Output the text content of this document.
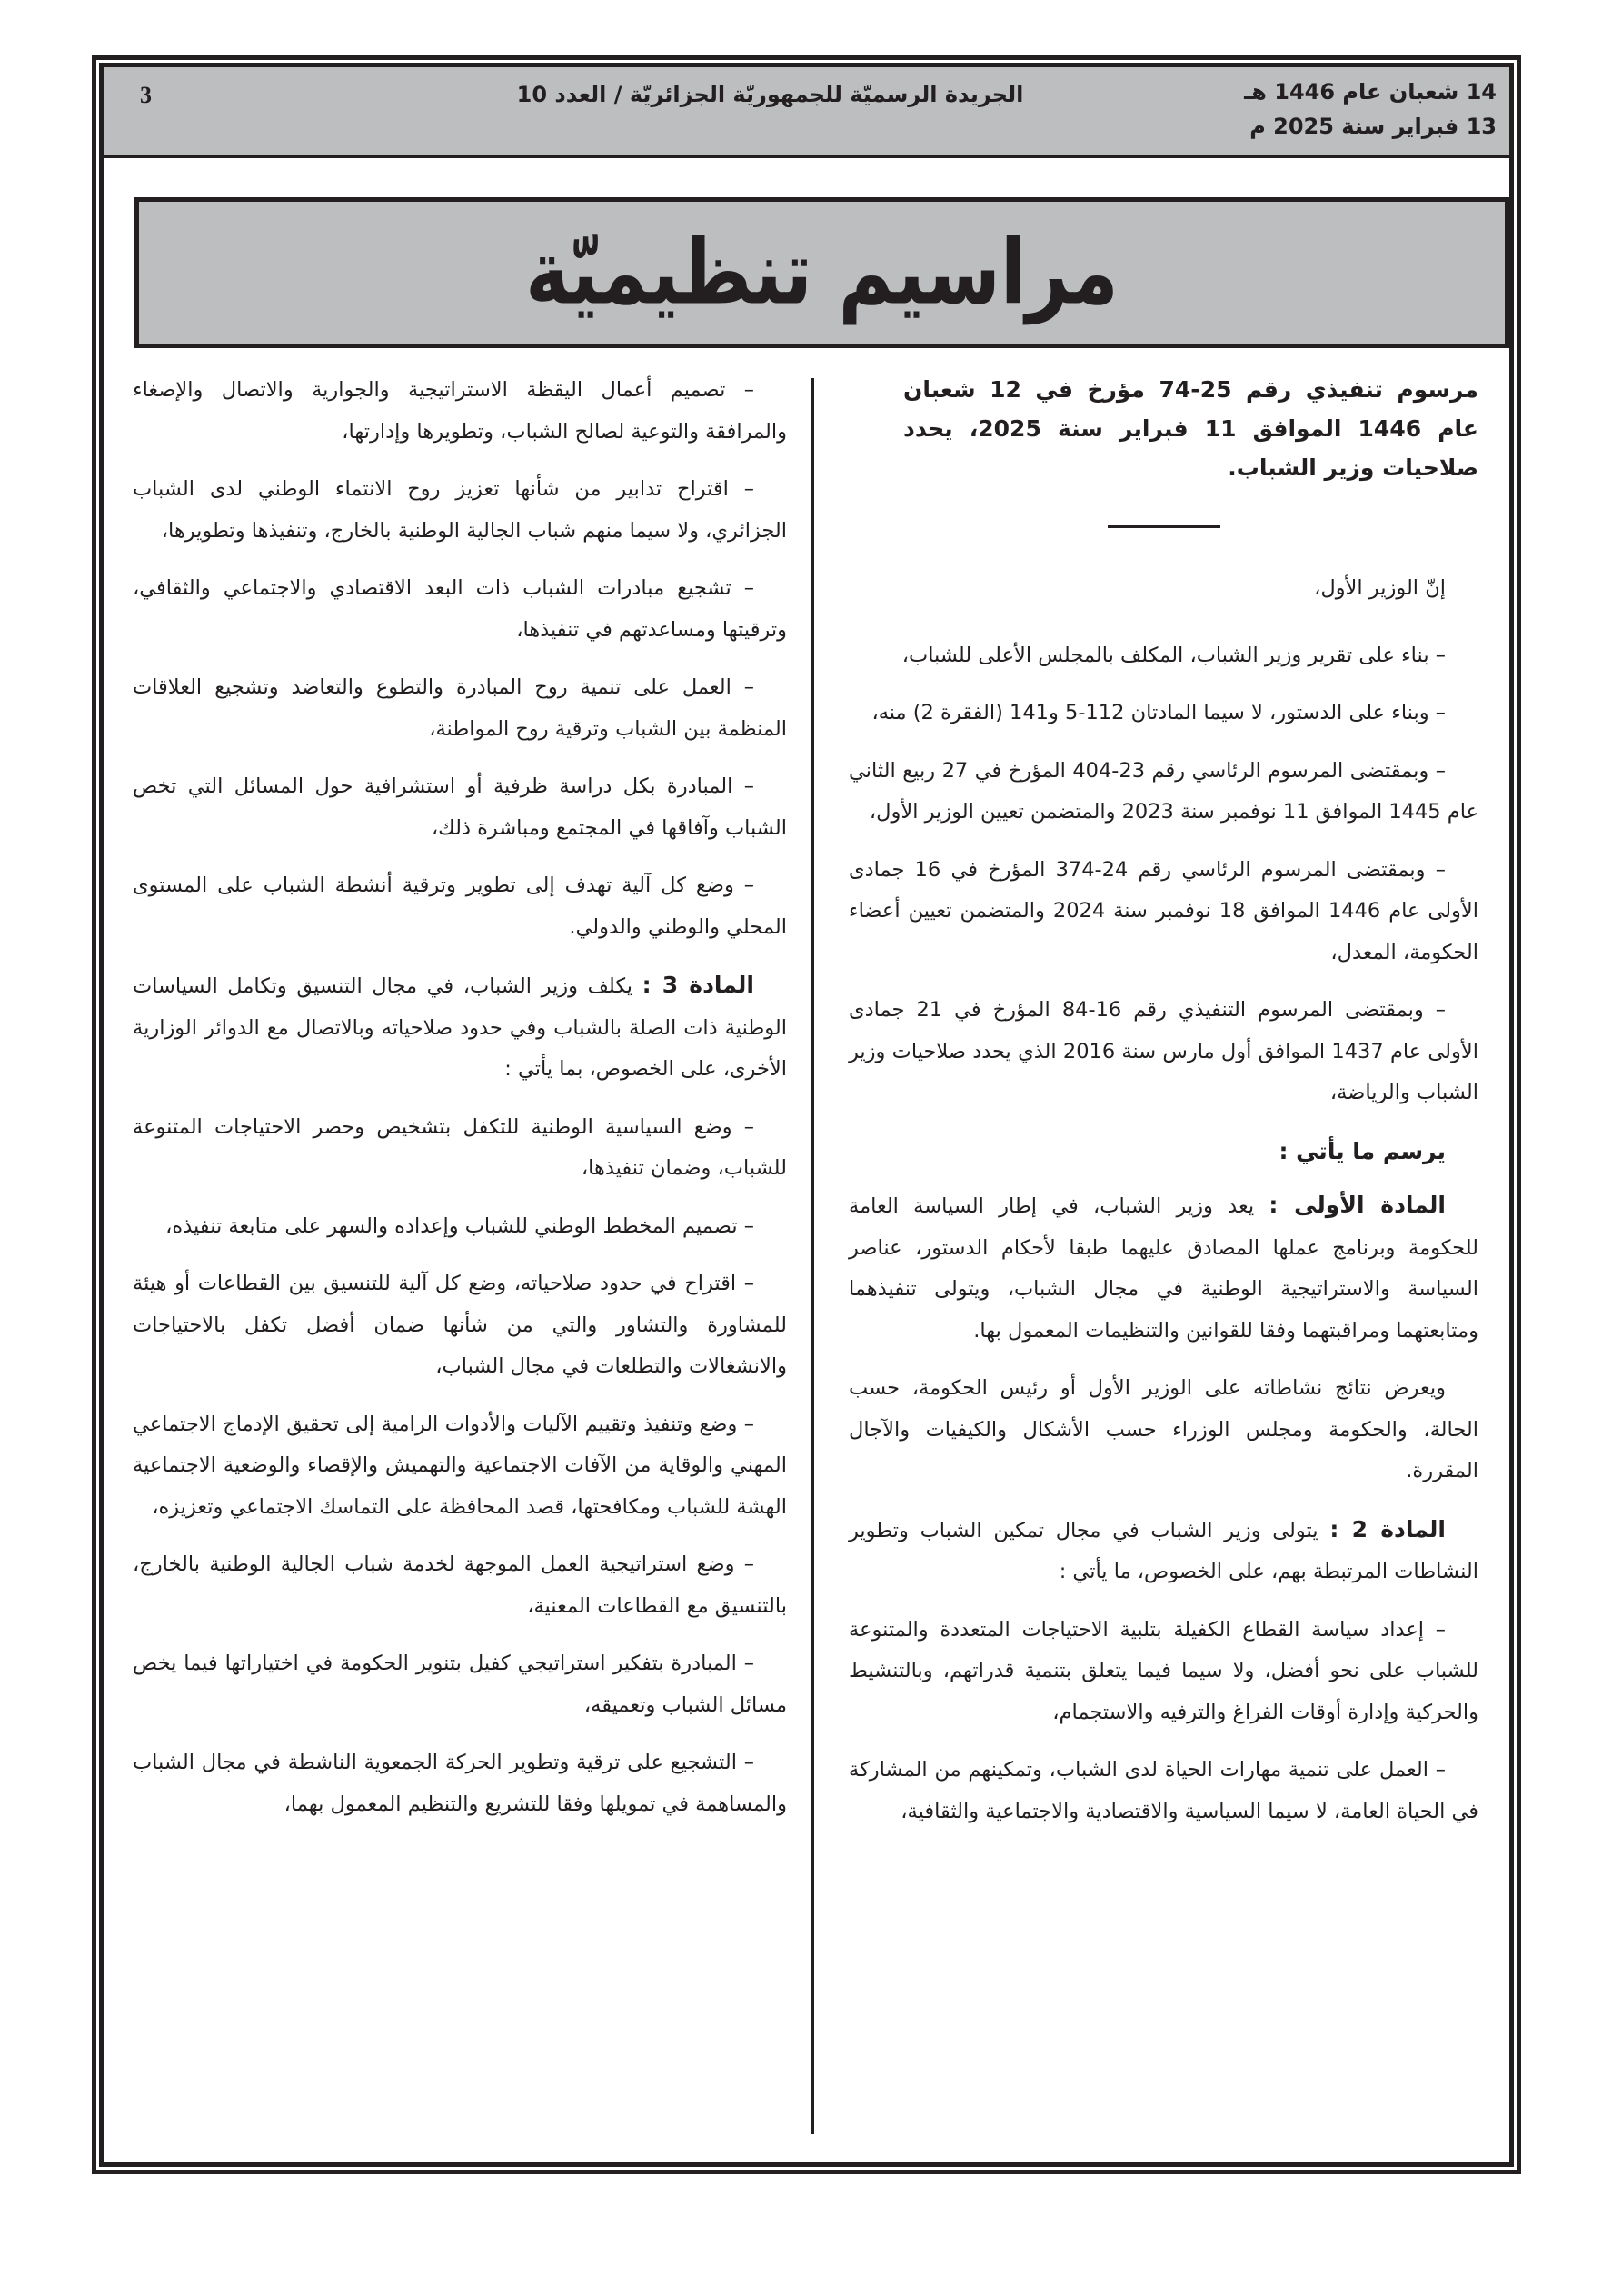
3	الجريدة الرسميّة للجمهوريّة الجزائريّة / العدد 10	14 شعبان عام 1446 هـ
13 فبراير سنة 2025 م
مراسيم تنظيميّة

مرسوم تنفيذي رقم 25-74 مؤرخ في 12 شعبان عام 1446 الموافق 11 فبراير سنة 2025، يحدد صلاحيات وزير الشباب.

إنّ الوزير الأول،

– بناء على تقرير وزير الشباب، المكلف بالمجلس الأعلى للشباب،

– وبناء على الدستور، لا سيما المادتان 112-5 و141 (الفقرة 2) منه،

– وبمقتضى المرسوم الرئاسي رقم 23-404 المؤرخ في 27 ربيع الثاني عام 1445 الموافق 11 نوفمبر سنة 2023 والمتضمن تعيين الوزير الأول،

– وبمقتضى المرسوم الرئاسي رقم 24-374 المؤرخ في 16 جمادى الأولى عام 1446 الموافق 18 نوفمبر سنة 2024 والمتضمن تعيين أعضاء الحكومة، المعدل،

– وبمقتضى المرسوم التنفيذي رقم 16-84 المؤرخ في 21 جمادى الأولى عام 1437 الموافق أول مارس سنة 2016 الذي يحدد صلاحيات وزير الشباب والرياضة،

يرسم ما يأتي :

المادة الأولى : يعد وزير الشباب، في إطار السياسة العامة للحكومة وبرنامج عملها المصادق عليهما طبقا لأحكام الدستور، عناصر السياسة والاستراتيجية الوطنية في مجال الشباب، ويتولى تنفيذهما ومتابعتهما ومراقبتهما وفقا للقوانين والتنظيمات المعمول بها.

ويعرض نتائج نشاطاته على الوزير الأول أو رئيس الحكومة، حسب الحالة، والحكومة ومجلس الوزراء حسب الأشكال والكيفيات والآجال المقررة.

المادة 2 : يتولى وزير الشباب في مجال تمكين الشباب وتطوير النشاطات المرتبطة بهم، على الخصوص، ما يأتي :

– إعداد سياسة القطاع الكفيلة بتلبية الاحتياجات المتعددة والمتنوعة للشباب على نحو أفضل، ولا سيما فيما يتعلق بتنمية قدراتهم، وبالتنشيط والحركية وإدارة أوقات الفراغ والترفيه والاستجمام،

– العمل على تنمية مهارات الحياة لدى الشباب، وتمكينهم من المشاركة في الحياة العامة، لا سيما السياسية والاقتصادية والاجتماعية والثقافية،

– تصميم أعمال اليقظة الاستراتيجية والجوارية والاتصال والإصغاء والمرافقة والتوعية لصالح الشباب، وتطويرها وإدارتها،

– اقتراح تدابير من شأنها تعزيز روح الانتماء الوطني لدى الشباب الجزائري، ولا سيما منهم شباب الجالية الوطنية بالخارج، وتنفيذها وتطويرها،

– تشجيع مبادرات الشباب ذات البعد الاقتصادي والاجتماعي والثقافي، وترقيتها ومساعدتهم في تنفيذها،

– العمل على تنمية روح المبادرة والتطوع والتعاضد وتشجيع العلاقات المنظمة بين الشباب وترقية روح المواطنة،

– المبادرة بكل دراسة ظرفية أو استشرافية حول المسائل التي تخص الشباب وآفاقها في المجتمع ومباشرة ذلك،

– وضع كل آلية تهدف إلى تطوير وترقية أنشطة الشباب على المستوى المحلي والوطني والدولي.

المادة 3 : يكلف وزير الشباب، في مجال التنسيق وتكامل السياسات الوطنية ذات الصلة بالشباب وفي حدود صلاحياته وبالاتصال مع الدوائر الوزارية الأخرى، على الخصوص، بما يأتي :

– وضع السياسية الوطنية للتكفل بتشخيص وحصر الاحتياجات المتنوعة للشباب، وضمان تنفيذها،

– تصميم المخطط الوطني للشباب وإعداده والسهر على متابعة تنفيذه،

– اقتراح في حدود صلاحياته، وضع كل آلية للتنسيق بين القطاعات أو هيئة للمشاورة والتشاور والتي من شأنها ضمان أفضل تكفل بالاحتياجات والانشغالات والتطلعات في مجال الشباب،

– وضع وتنفيذ وتقييم الآليات والأدوات الرامية إلى تحقيق الإدماج الاجتماعي المهني والوقاية من الآفات الاجتماعية والتهميش والإقصاء والوضعية الاجتماعية الهشة للشباب ومكافحتها، قصد المحافظة على التماسك الاجتماعي وتعزيزه،

– وضع استراتيجية العمل الموجهة لخدمة شباب الجالية الوطنية بالخارج، بالتنسيق مع القطاعات المعنية،

– المبادرة بتفكير استراتيجي كفيل بتنوير الحكومة في اختياراتها فيما يخص مسائل الشباب وتعميقه،

– التشجيع على ترقية وتطوير الحركة الجمعوية الناشطة في مجال الشباب والمساهمة في تمويلها وفقا للتشريع والتنظيم المعمول بهما،
